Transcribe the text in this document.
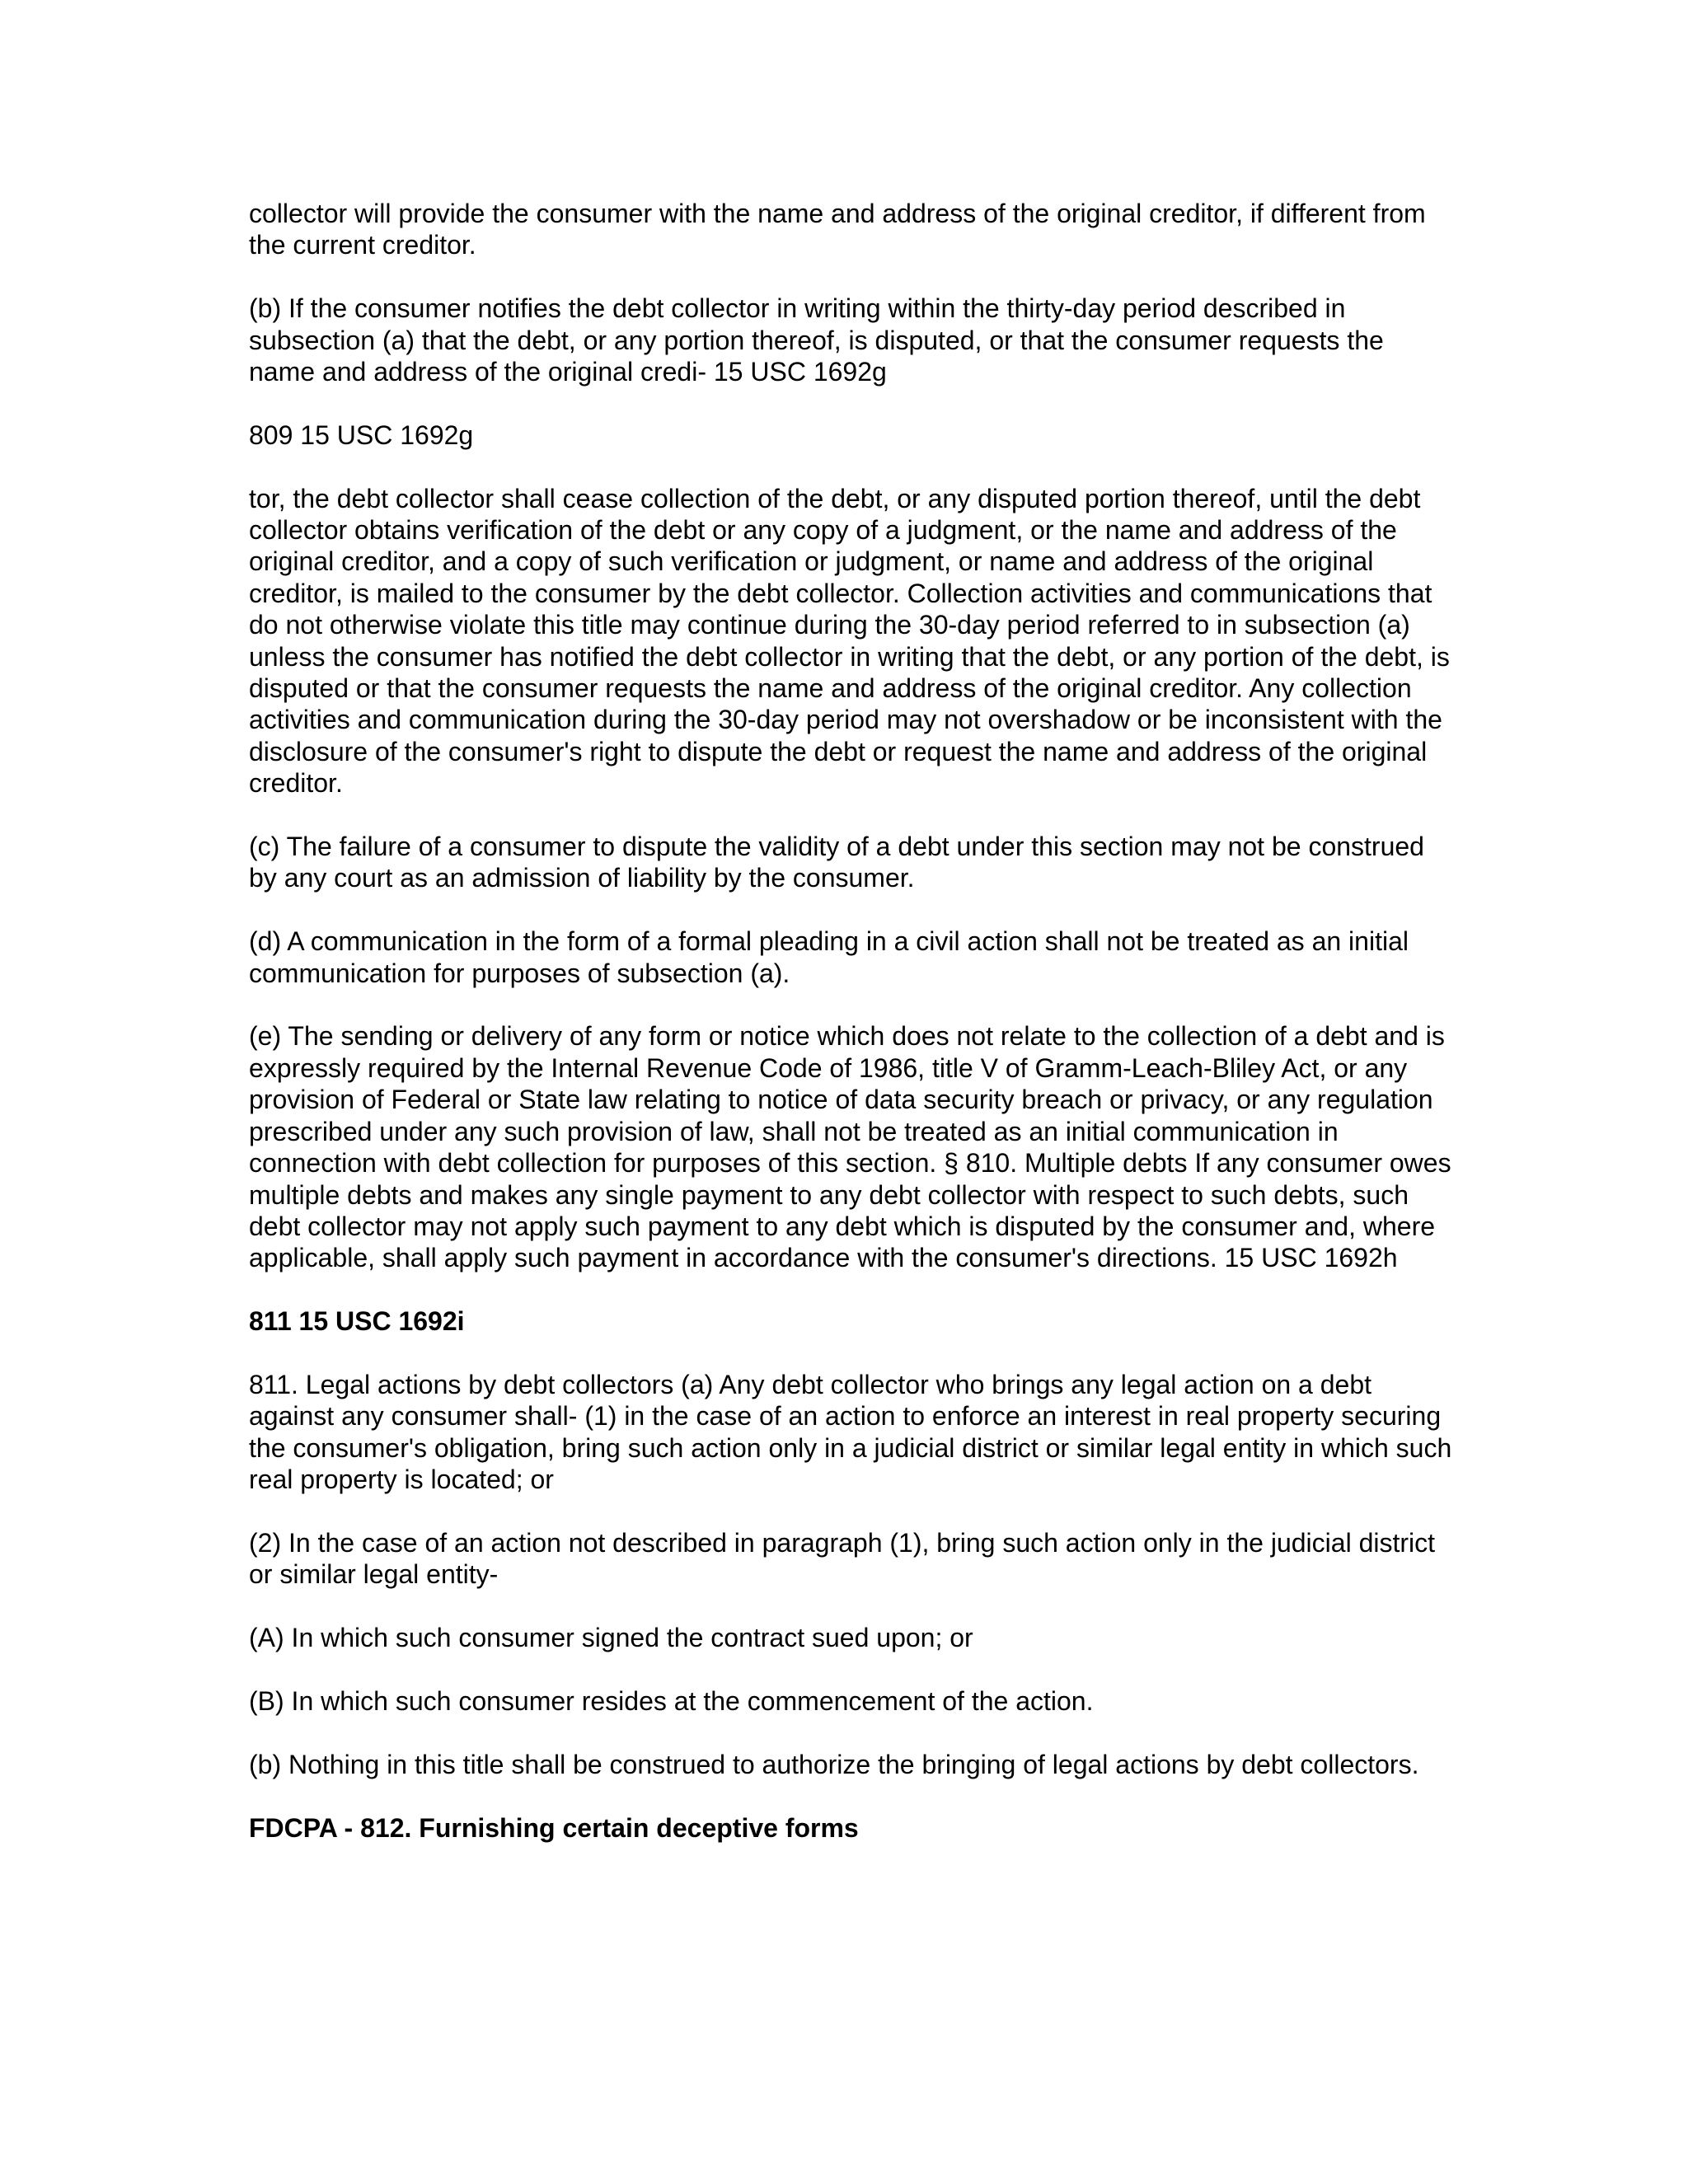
collector will provide the consumer with the name and address of the original creditor, if different from the current creditor.

(b) If the consumer notifies the debt collector in writing within the thirty-day period described in subsection (a) that the debt, or any portion thereof, is disputed, or that the consumer requests the name and address of the original credi- 15 USC 1692g

809 15 USC 1692g

tor, the debt collector shall cease collection of the debt, or any disputed portion thereof, until the debt collector obtains verification of the debt or any copy of a judgment, or the name and address of the original creditor, and a copy of such verification or judgment, or name and address of the original creditor, is mailed to the consumer by the debt collector. Collection activities and communications that do not otherwise violate this title may continue during the 30-day period referred to in subsection (a) unless the consumer has notified the debt collector in writing that the debt, or any portion of the debt, is disputed or that the consumer requests the name and address of the original creditor. Any collection activities and communication during the 30-day period may not overshadow or be inconsistent with the disclosure of the consumer's right to dispute the debt or request the name and address of the original creditor.

(c) The failure of a consumer to dispute the validity of a debt under this section may not be construed by any court as an admission of liability by the consumer.

(d) A communication in the form of a formal pleading in a civil action shall not be treated as an initial communication for purposes of subsection (a).

(e) The sending or delivery of any form or notice which does not relate to the collection of a debt and is expressly required by the Internal Revenue Code of 1986, title V of Gramm-Leach-Bliley Act, or any provision of Federal or State law relating to notice of data security breach or privacy, or any regulation prescribed under any such provision of law, shall not be treated as an initial communication in connection with debt collection for purposes of this section. § 810. Multiple debts If any consumer owes multiple debts and makes any single payment to any debt collector with respect to such debts, such debt collector may not apply such payment to any debt which is disputed by the consumer and, where applicable, shall apply such payment in accordance with the consumer's directions. 15 USC 1692h

811 15 USC 1692i

811. Legal actions by debt collectors (a) Any debt collector who brings any legal action on a debt against any consumer shall- (1) in the case of an action to enforce an interest in real property securing the consumer's obligation, bring such action only in a judicial district or similar legal entity in which such real property is located; or

(2) In the case of an action not described in paragraph (1), bring such action only in the judicial district or similar legal entity-

(A) In which such consumer signed the contract sued upon; or

(B) In which such consumer resides at the commencement of the action.

(b) Nothing in this title shall be construed to authorize the bringing of legal actions by debt collectors.

FDCPA - 812. Furnishing certain deceptive forms
